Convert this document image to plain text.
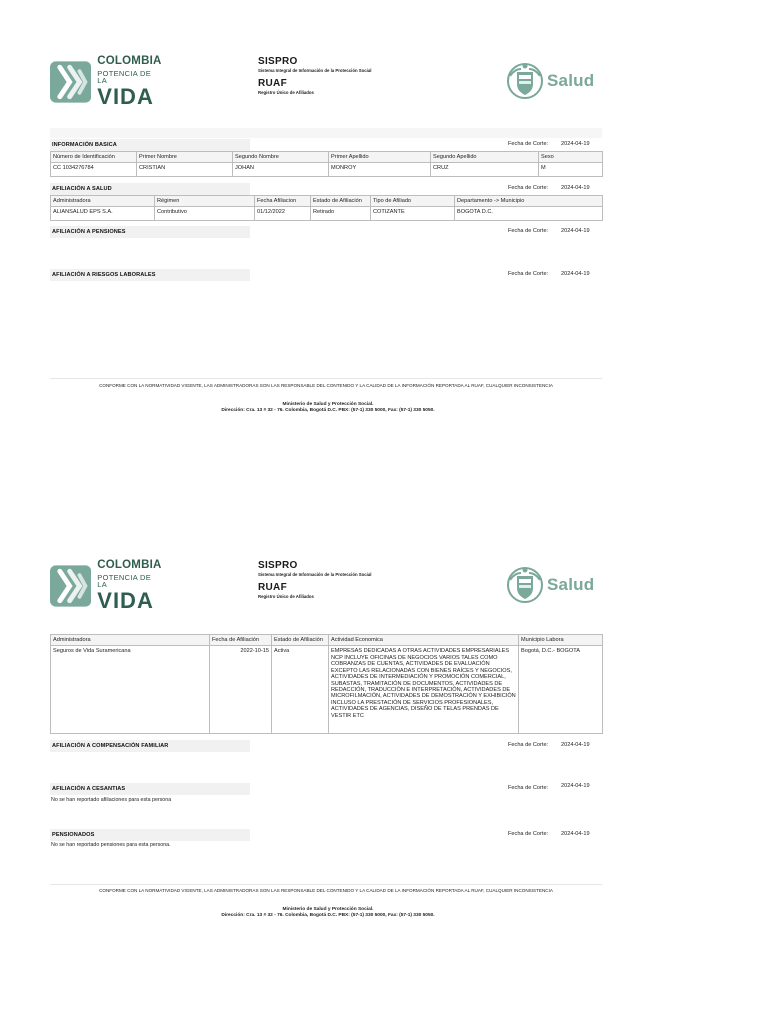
COLOMBIA
POTENCIA DE LA
VIDA
SISPRO
Sistema Integral de Información de la Protección Social
RUAF
Registro Único de Afiliados
Salud
INFORMACIÓN BASICA	Fecha de Corte: 2024-04-19
Número de Identificación	Primer Nombre	Segundo Nombre	Primer Apellido	Segundo Apellido	Sexo
CC 1034276784	CRISTIAN	JOHAN	MONROY	CRUZ	M
AFILIACIÓN A SALUD	Fecha de Corte: 2024-04-19
Administradora	Régimen	Fecha Afiliacion	Estado de Afiliación	Tipo de Afiliado	Departamento -> Municipio
ALIANSALUD EPS S.A.	Contributivo	01/12/2022	Retirado	COTIZANTE	BOGOTA D.C.
AFILIACIÓN A PENSIONES	Fecha de Corte: 2024-04-19
AFILIACIÓN A RIESGOS LABORALES	Fecha de Corte: 2024-04-19
CONFORME CON LA NORMATIVIDAD VIGENTE, LAS ADMINISTRADORAS SON LAS RESPONSABLE DEL CONTENIDO Y LA CALIDAD DE LA INFORMACIÓN REPORTADA AL RUAF, CUALQUIER INCONSISTENCIA
Ministerio de Salud y Protección Social.
Dirección: Cra. 13 # 32 - 76. Colombia, Bogotá D.C. PBX: (57-1) 330 5000, Fax: (57-1) 330 5050.
COLOMBIA
POTENCIA DE LA
VIDA
SISPRO
Sistema Integral de Información de la Protección Social
RUAF
Registro Único de Afiliados
Salud
Administradora	Fecha de Afiliación	Estado de Afiliación	Actividad Economica	Municipio Labora
Seguros de Vida Suramericana	2022-10-15	Activa	EMPRESAS DEDICADAS A OTRAS ACTIVIDADES EMPRESARIALES NCP INCLUYE OFICINAS DE NEGOCIOS VARIOS TALES COMO COBRANZAS DE CUENTAS, ACTIVIDADES DE EVALUACIÓN EXCEPTO LAS RELACIONADAS CON BIENES RAÍCES Y NEGOCIOS, ACTIVIDADES DE INTERMEDIACIÓN Y PROMOCIÓN COMERCIAL, SUBASTAS, TRAMITACIÓN DE DOCUMENTOS, ACTIVIDADES DE REDACCIÓN, TRADUCCIÓN E INTERPRETACIÓN, ACTIVIDADES DE MICROFILMACIÓN, ACTIVIDADES DE DEMOSTRACIÓN Y EXHIBICIÓN INCLUSO LA PRESTACIÓN DE SERVICIOS PROFESIONALES, ACTIVIDADES DE AGENCIAS, DISEÑO DE TELAS PRENDAS DE VESTIR ETC	Bogotá, D.C.- BOGOTA
AFILIACIÓN A COMPENSACIÓN FAMILIAR	Fecha de Corte: 2024-04-19
AFILIACIÓN A CESANTIAS	Fecha de Corte: 2024-04-19
No se han reportado afiliaciones para esta persona
PENSIONADOS	Fecha de Corte: 2024-04-19
No se han reportado pensiones para esta persona.
CONFORME CON LA NORMATIVIDAD VIGENTE, LAS ADMINISTRADORAS SON LAS RESPONSABLE DEL CONTENIDO Y LA CALIDAD DE LA INFORMACIÓN REPORTADA AL RUAF, CUALQUIER INCONSISTENCIA
Ministerio de Salud y Protección Social.
Dirección: Cra. 13 # 32 - 76. Colombia, Bogotá D.C. PBX: (57-1) 330 5000, Fax: (57-1) 330 5050.
